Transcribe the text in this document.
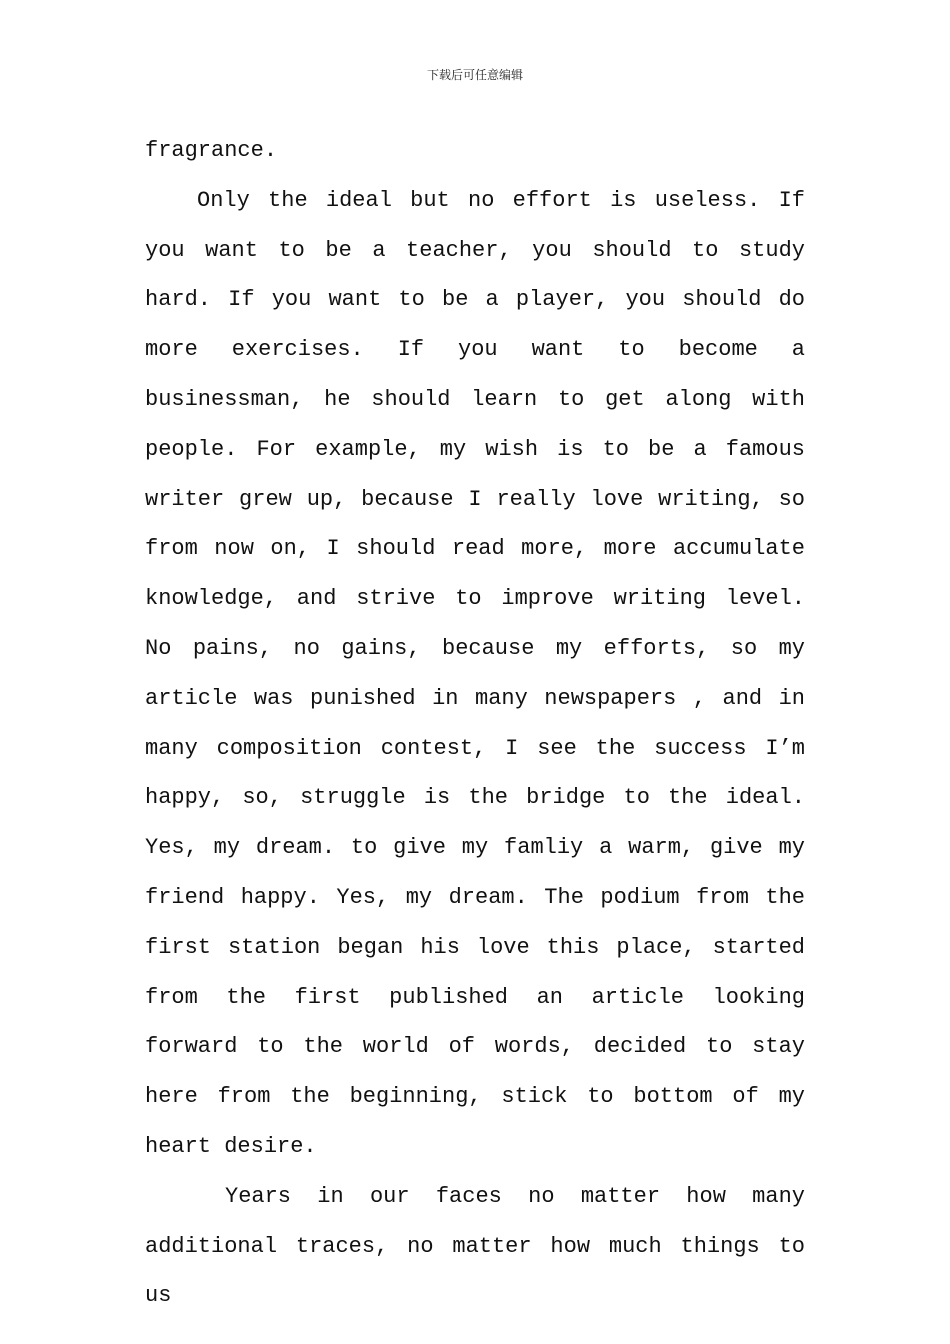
下载后可任意编辑

fragrance.

Only the ideal but no effort is useless. If you want to be a teacher, you should to study hard. If you want to be a player, you should do more exercises. If you want to become a businessman, he should learn to get along with people. For example, my wish is to be a famous writer grew up, because I really love writing, so from now on, I should read more, more accumulate knowledge, and strive to improve writing level. No pains, no gains, because my efforts, so my article was punished in many newspapers , and in many composition contest, I see the success I’m happy, so, struggle is the bridge to the ideal. Yes, my dream. to give my famliy a warm, give my friend happy. Yes, my dream. The podium from the first station began his love this place, started from the first published an article looking forward to the world of words, decided to stay here from the beginning, stick to bottom of my heart desire.

Years in our faces no matter how many additional traces, no matter how much things to us
